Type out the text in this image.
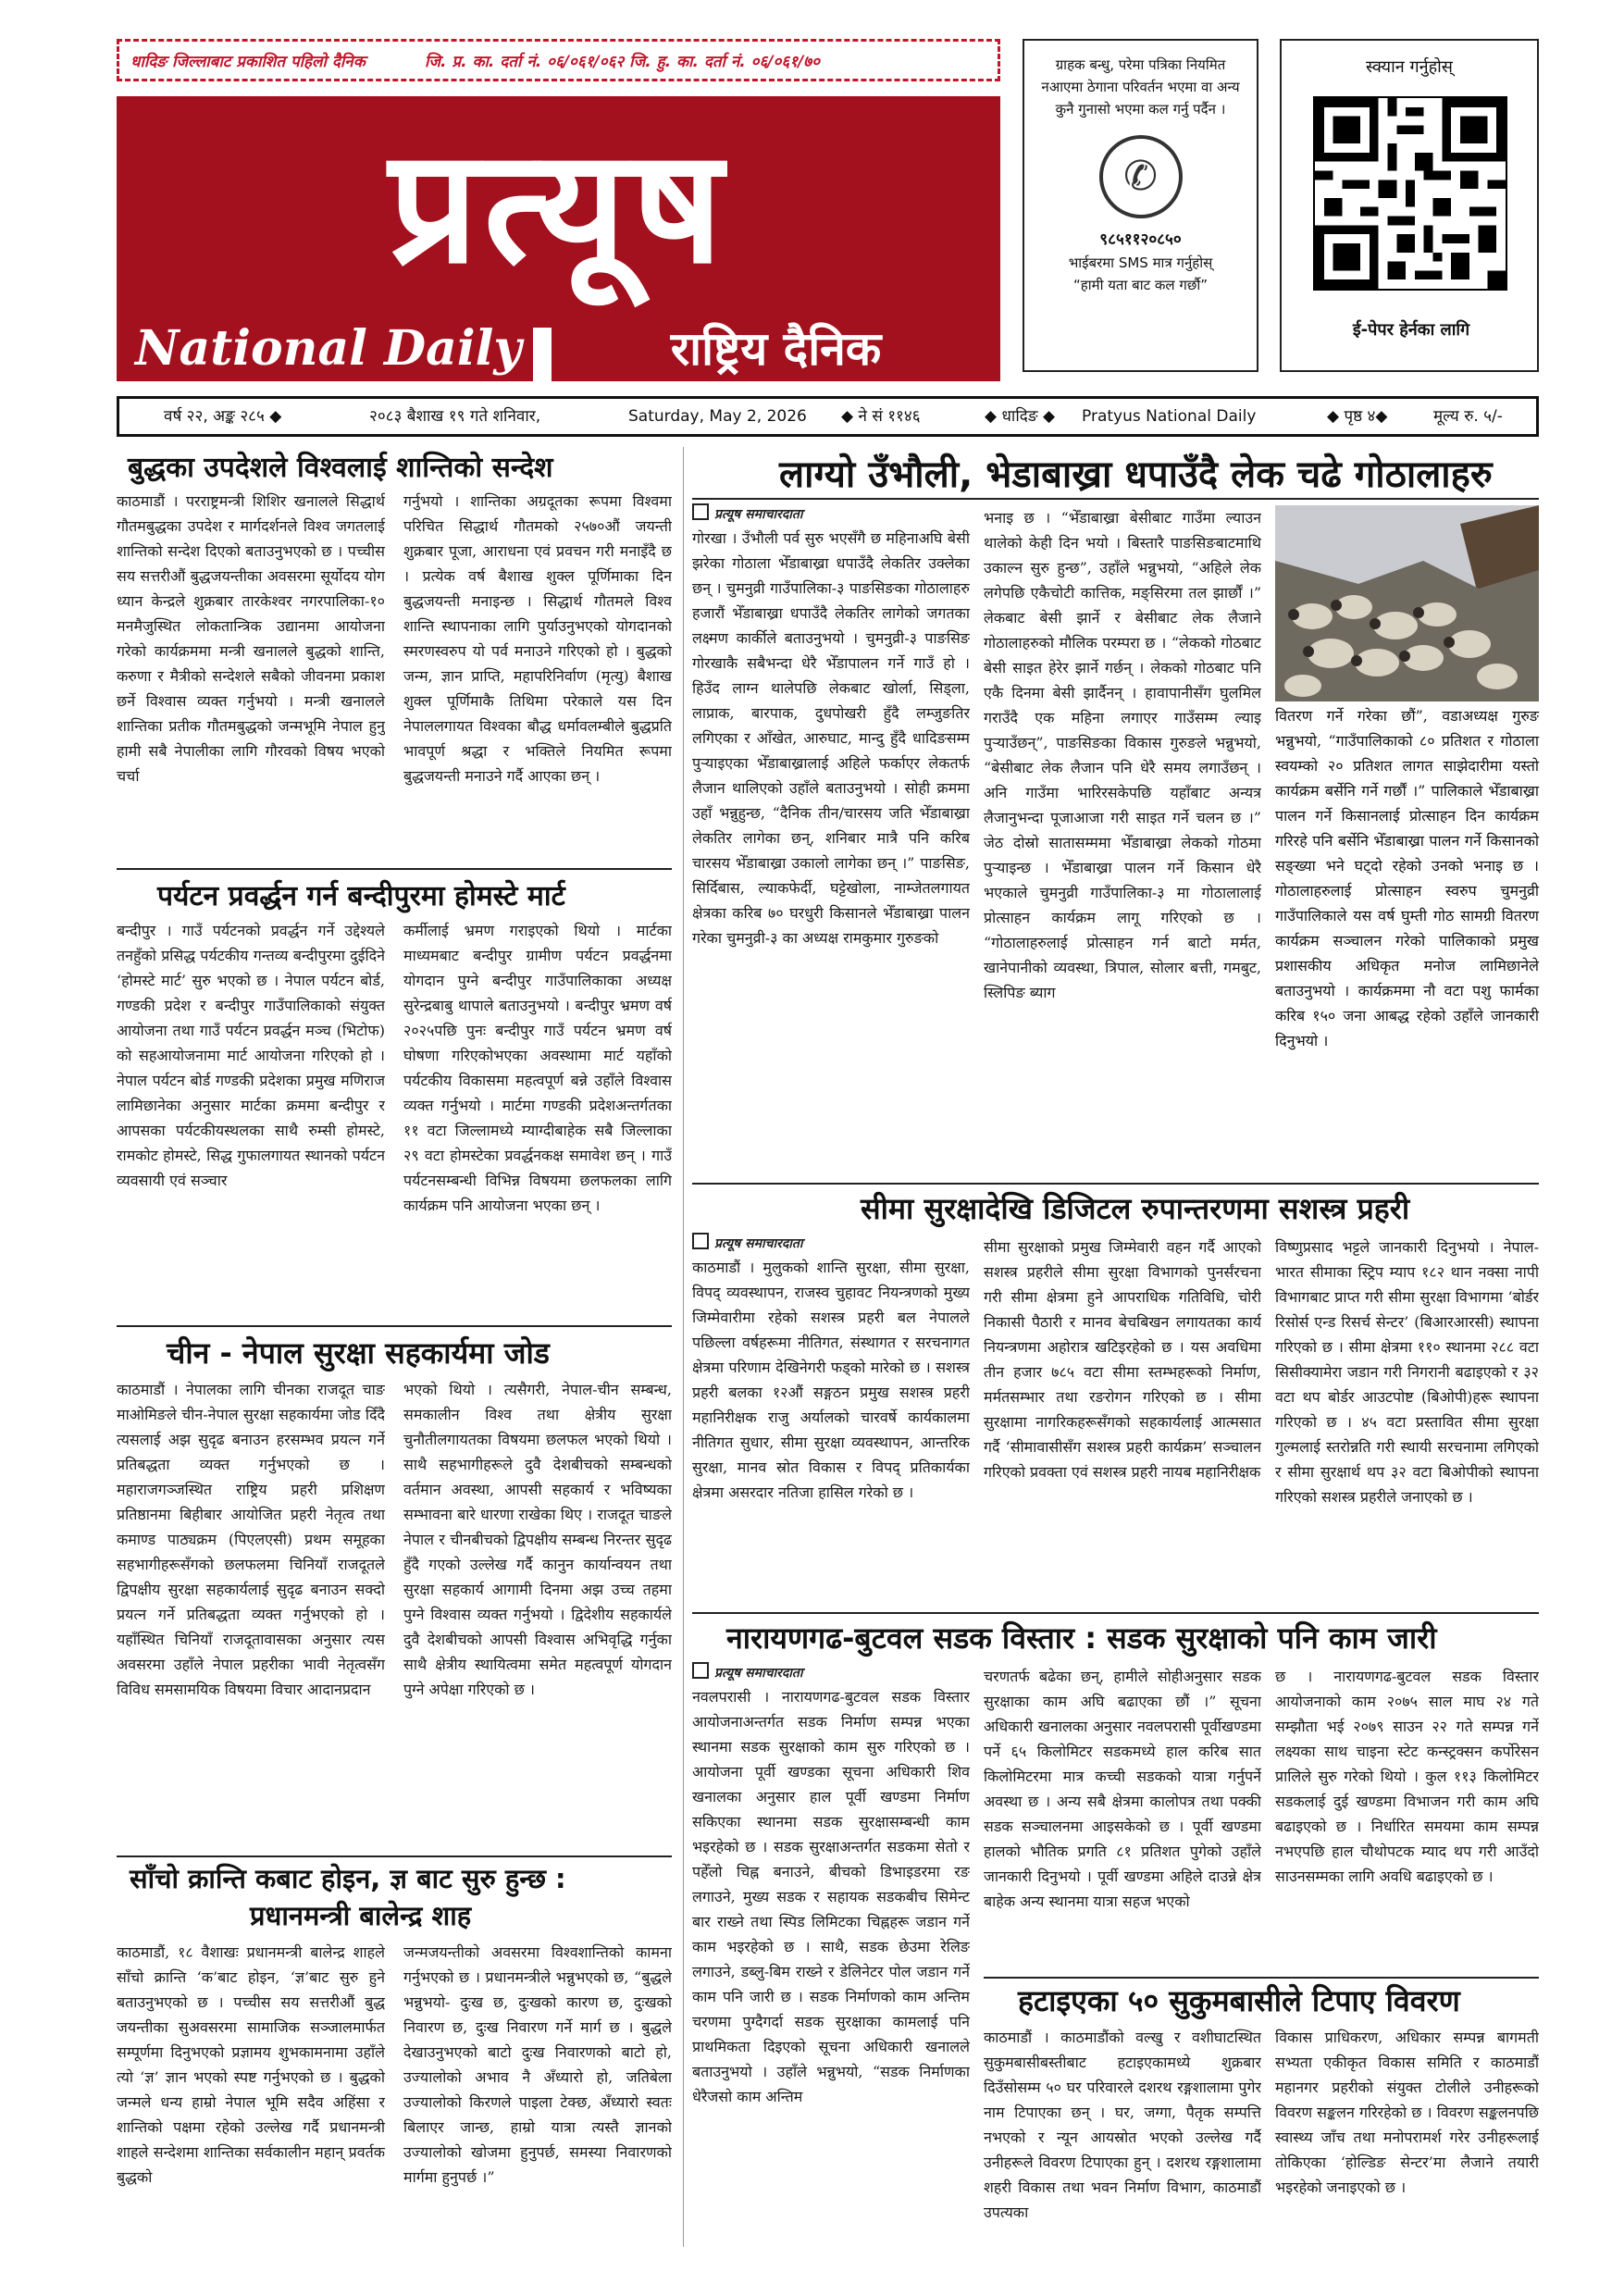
धादिङ जिल्लाबाट प्रकाशित पहिलो दैनिक	जि. प्र. का. दर्ता नं. ०६/०६१/०६२ जि. हु. का. दर्ता नं. ०६/०६१/७०
प्रत्यूष
National Daily	राष्ट्रिय दैनिक
ग्राहक बन्धु, परेमा पत्रिका नियमित नआएमा ठेगाना परिवर्तन भएमा वा अन्य कुनै गुनासो भएमा कल गर्नु पर्दैन ।
✆
९८५११२०८५०
भाईबरमा SMS मात्र गर्नुहोस्
“हामी यता बाट कल गर्छौ”
स्क्यान गर्नुहोस्
ई-पेपर हेर्नका लागि
वर्ष २२, अङ्क २८५ ◆	२०८३ बैशाख १९ गते शनिवार,	Saturday, May 2, 2026 ◆ ने सं ११४६	◆ धादिङ ◆ Pratyus National Daily	◆ पृष्ठ ४◆	मूल्य रु. ५/-
बुद्धका उपदेशले विश्वलाई शान्तिको सन्देश

काठमाडौं । परराष्ट्रमन्त्री शिशिर खनालले सिद्धार्थ गौतमबुद्धका उपदेश र मार्गदर्शनले विश्व जगतलाई शान्तिको सन्देश दिएको बताउनुभएको छ । पच्चीस सय सत्तरीऔं बुद्धजयन्तीका अवसरमा सूर्योदय योग ध्यान केन्द्रले शुक्रबार तारकेश्वर नगरपालिका-१० मनमैजुस्थित लोकतान्त्रिक उद्यानमा आयोजना गरेको कार्यक्रममा मन्त्री खनालले बुद्धको शान्ति, करुणा र मैत्रीको सन्देशले सबैको जीवनमा प्रकाश छर्ने विश्वास व्यक्त गर्नुभयो । मन्त्री खनालले शान्तिका प्रतीक गौतमबुद्धको जन्मभूमि नेपाल हुनु हामी सबै नेपालीका लागि गौरवको विषय भएको चर्चा

गर्नुभयो । शान्तिका अग्रदूतका रूपमा विश्वमा परिचित सिद्धार्थ गौतमको २५७०औं जयन्ती शुक्रबार पूजा, आराधना एवं प्रवचन गरी मनाइँदै छ । प्रत्येक वर्ष बैशाख शुक्ल पूर्णिमाका दिन बुद्धजयन्ती मनाइन्छ । सिद्धार्थ गौतमले विश्व शान्ति स्थापनाका लागि पुर्याउनुभएको योगदानको स्मरणस्वरुप यो पर्व मनाउने गरिएको हो । बुद्धको जन्म, ज्ञान प्राप्ति, महापरिनिर्वाण (मृत्यु) बैशाख शुक्ल पूर्णिमाकै तिथिमा परेकाले यस दिन नेपाललगायत विश्वका बौद्ध धर्मावलम्बीले बुद्धप्रति भावपूर्ण श्रद्धा र भक्तिले नियमित रूपमा बुद्धजयन्ती मनाउने गर्दै आएका छन् ।

पर्यटन प्रवर्द्धन गर्न बन्दीपुरमा होमस्टे मार्ट

बन्दीपुर । गाउँ पर्यटनको प्रवर्द्धन गर्ने उद्देश्यले तनहुँको प्रसिद्ध पर्यटकीय गन्तव्य बन्दीपुरमा दुईदिने ‘होमस्टे मार्ट’ सुरु भएको छ । नेपाल पर्यटन बोर्ड, गण्डकी प्रदेश र बन्दीपुर गाउँपालिकाको संयुक्त आयोजना तथा गाउँ पर्यटन प्रवर्द्धन मञ्च (भिटोफ) को सहआयोजनामा मार्ट आयोजना गरिएको हो । नेपाल पर्यटन बोर्ड गण्डकी प्रदेशका प्रमुख मणिराज लामिछानेका अनुसार मार्टका क्रममा बन्दीपुर र आपसका पर्यटकीयस्थलका साथै रुम्सी होमस्टे, रामकोट होमस्टे, सिद्ध गुफालगायत स्थानको पर्यटन व्यवसायी एवं सञ्चार

कर्मीलाई भ्रमण गराइएको थियो । मार्टका माध्यमबाट बन्दीपुर ग्रामीण पर्यटन प्रवर्द्धनमा योगदान पुग्ने बन्दीपुर गाउँपालिकाका अध्यक्ष सुरेन्द्रबाबु थापाले बताउनुभयो । बन्दीपुर भ्रमण वर्ष २०२५पछि पुनः बन्दीपुर गाउँ पर्यटन भ्रमण वर्ष घोषणा गरिएकोभएका अवस्थामा मार्ट यहाँको पर्यटकीय विकासमा महत्वपूर्ण बन्ने उहाँले विश्वास व्यक्त गर्नुभयो । मार्टमा गण्डकी प्रदेशअन्तर्गतका ११ वटा जिल्लामध्ये म्याग्दीबाहेक सबै जिल्लाका २९ वटा होमस्टेका प्रवर्द्धनकक्ष समावेश छन् । गाउँ पर्यटनसम्बन्धी विभिन्न विषयमा छलफलका लागि कार्यक्रम पनि आयोजना भएका छन् ।

चीन - नेपाल सुरक्षा सहकार्यमा जोड

काठमाडौं । नेपालका लागि चीनका राजदूत चाङ माओमिङले चीन-नेपाल सुरक्षा सहकार्यमा जोड दिँदै त्यसलाई अझ सुदृढ बनाउन हरसम्भव प्रयत्न गर्ने प्रतिबद्धता व्यक्त गर्नुभएको छ । महाराजगञ्जस्थित राष्ट्रिय प्रहरी प्रशिक्षण प्रतिष्ठानमा बिहीबार आयोजित प्रहरी नेतृत्व तथा कमाण्ड पाठ्यक्रम (पिएलएसी) प्रथम समूहका सहभागीहरूसँगको छलफलमा चिनियाँ राजदूतले द्विपक्षीय सुरक्षा सहकार्यलाई सुदृढ बनाउन सक्दो प्रयत्न गर्ने प्रतिबद्धता व्यक्त गर्नुभएको हो । यहाँस्थित चिनियाँ राजदूतावासका अनुसार त्यस अवसरमा उहाँले नेपाल प्रहरीका भावी नेतृत्वसँग विविध समसामयिक विषयमा विचार आदानप्रदान

भएको थियो । त्यसैगरी, नेपाल-चीन सम्बन्ध, समकालीन विश्व तथा क्षेत्रीय सुरक्षा चुनौतीलगायतका विषयमा छलफल भएको थियो । साथै सहभागीहरूले दुवै देशबीचको सम्बन्धको वर्तमान अवस्था, आपसी सहकार्य र भविष्यका सम्भावना बारे धारणा राखेका थिए । राजदूत चाङले नेपाल र चीनबीचको द्विपक्षीय सम्बन्ध निरन्तर सुदृढ हुँदै गएको उल्लेख गर्दै कानुन कार्यान्वयन तथा सुरक्षा सहकार्य आगामी दिनमा अझ उच्च तहमा पुग्ने विश्वास व्यक्त गर्नुभयो । द्विदेशीय सहकार्यले दुवै देशबीचको आपसी विश्वास अभिवृद्धि गर्नुका साथै क्षेत्रीय स्थायित्वमा समेत महत्वपूर्ण योगदान पुग्ने अपेक्षा गरिएको छ ।

साँचो क्रान्ति कबाट होइन, ज्ञ बाट सुरु हुन्छ :
प्रधानमन्त्री बालेन्द्र शाह

काठमाडौं, १८ वैशाखः प्रधानमन्त्री बालेन्द्र शाहले साँचो क्रान्ति ‘क’बाट होइन, ‘ज्ञ’बाट सुरु हुने बताउनुभएको छ । पच्चीस सय सत्तरीऔं बुद्ध जयन्तीका सुअवसरमा सामाजिक सञ्जालमार्फत सम्पूर्णमा दिनुभएको प्रज्ञामय शुभकामनामा उहाँले त्यो ‘ज्ञ’ ज्ञान भएको स्पष्ट गर्नुभएको छ । बुद्धको जन्मले धन्य हाम्रो नेपाल भूमि सदैव अहिंसा र शान्तिको पक्षमा रहेको उल्लेख गर्दै प्रधानमन्त्री शाहले सन्देशमा शान्तिका सर्वकालीन महान् प्रवर्तक बुद्धको

जन्मजयन्तीको अवसरमा विश्वशान्तिको कामना गर्नुभएको छ । प्रधानमन्त्रीले भन्नुभएको छ, “बुद्धले भन्नुभयो- दुःख छ, दुःखको कारण छ, दुःखको निवारण छ, दुःख निवारण गर्ने मार्ग छ । बुद्धले देखाउनुभएको बाटो दुःख निवारणको बाटो हो, उज्यालोको अभाव नै अँध्यारो हो, जतिबेला उज्यालोको किरणले पाइला टेक्छ, अँध्यारो स्वतः बिलाएर जान्छ, हाम्रो यात्रा त्यस्तै ज्ञानको उज्यालोको खोजमा हुनुपर्छ, समस्या निवारणको मार्गमा हुनुपर्छ ।”

लाग्यो उँभौली, भेडाबाख्रा धपाउँदै लेक चढे गोठालाहरु
प्रत्यूष समाचारदाता

गोरखा । उँभौली पर्व सुरु भएसँगै छ महिनाअघि बेसी झरेका गोठाला भेँडाबाख्रा धपाउँदै लेकतिर उक्लेका छन् । चुमनुव्री गाउँपालिका-३ पाङसिङका गोठालाहरु हजारौं भेँडाबाख्रा धपाउँदै लेकतिर लागेको जगतका लक्ष्मण कार्कीले बताउनुभयो । चुमनुव्री-३ पाङसिङ गोरखाकै सबैभन्दा धेरै भेँडापालन गर्ने गाउँ हो । हिउँद लाग्न थालेपछि लेकबाट खोर्ला, सिड्ला, लाप्राक, बारपाक, दुधपोखरी हुँदै लम्जुङतिर लगिएका र आँखेत, आरुघाट, मान्दु हुँदै धादिङसम्म पुऱ्याइएका भेँडाबाख्रालाई अहिले फर्काएर लेकतर्फ लैजान थालिएको उहाँले बताउनुभयो । सोही क्रममा उहाँ भन्नुहुन्छ, “दैनिक तीन/चारसय जति भेँडाबाख्रा लेकतिर लागेका छन्, शनिबार मात्रै पनि करिब चारसय भेँडाबाख्रा उकालो लागेका छन् ।” पाङसिङ, सिर्दिबास, ल्याकफेर्दी, घट्टेखोला, नाम्जेतलगायत क्षेत्रका करिब ७० घरधुरी किसानले भेँडाबाख्रा पालन गरेका चुमनुव्री-३ का अध्यक्ष रामकुमार गुरुङको

भनाइ छ । “भेँडाबाख्रा बेसीबाट गाउँमा ल्याउन थालेको केही दिन भयो । बिस्तारै पाङसिङबाटमाथि उकाल्न सुरु हुन्छ”, उहाँले भन्नुभयो, “अहिले लेक लगेपछि एकैचोटी कात्तिक, मङ्सिरमा तल झार्छौं ।” लेकबाट बेसी झार्ने र बेसीबाट लेक लैजाने गोठालाहरुको मौलिक परम्परा छ । “लेकको गोठबाट बेसी साइत हेरेर झार्ने गर्छन् । लेकको गोठबाट पनि एकै दिनमा बेसी झार्दैनन् । हावापानीसँग घुलमिल गराउँदै एक महिना लगाएर गाउँसम्म ल्याइ पुऱ्याउँछन्”, पाङसिङका विकास गुरुङले भन्नुभयो, “बेसीबाट लेक लैजान पनि धेरै समय लगाउँछन् । अनि गाउँमा भारिरसकेपछि यहाँबाट अन्यत्र लैजानुभन्दा पूजाआजा गरी साइत गर्ने चलन छ ।” जेठ दोस्रो सातासम्ममा भेँडाबाख्रा लेकको गोठमा पुऱ्याइन्छ । भेँडाबाख्रा पालन गर्ने किसान धेरै भएकाले चुमनुव्री गाउँपालिका-३ मा गोठालालाई प्रोत्साहन कार्यक्रम लागू गरिएको छ । “गोठालाहरुलाई प्रोत्साहन गर्न बाटो मर्मत, खानेपानीको व्यवस्था, त्रिपाल, सोलार बत्ती, गमबुट, स्लिपिङ ब्याग

वितरण गर्ने गरेका छौं”, वडाअध्यक्ष गुरुङ भन्नुभयो, “गाउँपालिकाको ८० प्रतिशत र गोठाला स्वयम्को २० प्रतिशत लागत साझेदारीमा यस्तो कार्यक्रम बर्सेनि गर्ने गर्छौं ।” पालिकाले भेँडाबाख्रा पालन गर्ने किसानलाई प्रोत्साहन दिन कार्यक्रम गरिरहे पनि बर्सेनि भेँडाबाख्रा पालन गर्ने किसानको सङ्ख्या भने घट्दो रहेको उनको भनाइ छ । गोठालाहरुलाई प्रोत्साहन स्वरुप चुमनुव्री गाउँपालिकाले यस वर्ष घुम्ती गोठ सामग्री वितरण कार्यक्रम सञ्चालन गरेको पालिकाको प्रमुख प्रशासकीय अधिकृत मनोज लामिछानेले बताउनुभयो । कार्यक्रममा नौ वटा पशु फार्मका करिब १५० जना आबद्ध रहेको उहाँले जानकारी दिनुभयो ।
सीमा सुरक्षादेखि डिजिटल रुपान्तरणमा सशस्त्र प्रहरी
प्रत्यूष समाचारदाता

काठमाडौं । मुलुकको शान्ति सुरक्षा, सीमा सुरक्षा, विपद् व्यवस्थापन, राजस्व चुहावट नियन्त्रणको मुख्य जिम्मेवारीमा रहेको सशस्त्र प्रहरी बल नेपालले पछिल्ला वर्षहरूमा नीतिगत, संस्थागत र सरचनागत क्षेत्रमा परिणाम देखिनेगरी फड्को मारेको छ । सशस्त्र प्रहरी बलका १२औं सङ्गठन प्रमुख सशस्त्र प्रहरी महानिरीक्षक राजु अर्यालको चारवर्षे कार्यकालमा नीतिगत सुधार, सीमा सुरक्षा व्यवस्थापन, आन्तरिक सुरक्षा, मानव स्रोत विकास र विपद् प्रतिकार्यका क्षेत्रमा असरदार नतिजा हासिल गरेको छ ।

सीमा सुरक्षाको प्रमुख जिम्मेवारी वहन गर्दै आएको सशस्त्र प्रहरीले सीमा सुरक्षा विभागको पुनर्संरचना गरी सीमा क्षेत्रमा हुने आपराधिक गतिविधि, चोरी निकासी पैठारी र मानव बेचबिखन लगायतका कार्य नियन्त्रणमा अहोरात्र खटिइरहेको छ । यस अवधिमा तीन हजार ७८५ वटा सीमा स्तम्भहरूको निर्माण, मर्मतसम्भार तथा रङरोगन गरिएको छ । सीमा सुरक्षामा नागरिकहरूसँगको सहकार्यलाई आत्मसात गर्दै ‘सीमावासीसँग सशस्त्र प्रहरी कार्यक्रम’ सञ्चालन गरिएको प्रवक्ता एवं सशस्त्र प्रहरी नायब महानिरीक्षक

विष्णुप्रसाद भट्टले जानकारी दिनुभयो । नेपाल-भारत सीमाका स्ट्रिप म्याप १८२ थान नक्सा नापी विभागबाट प्राप्त गरी सीमा सुरक्षा विभागमा ‘बोर्डर रिसोर्स एन्ड रिसर्च सेन्टर’ (बिआरआरसी) स्थापना गरिएको छ । सीमा क्षेत्रमा ११० स्थानमा २८८ वटा सिसीक्यामेरा जडान गरी निगरानी बढाइएको र ३२ वटा थप बोर्डर आउटपोष्ट (बिओपी)हरू स्थापना गरिएको छ । ४५ वटा प्रस्तावित सीमा सुरक्षा गुल्मलाई स्तरोन्नति गरी स्थायी सरचनामा लगिएको र सीमा सुरक्षार्थ थप ३२ वटा बिओपीको स्थापना गरिएको सशस्त्र प्रहरीले जनाएको छ ।

नारायणगढ-बुटवल सडक विस्तार : सडक सुरक्षाको पनि काम जारी
प्रत्यूष समाचारदाता

नवलपरासी । नारायणगढ-बुटवल सडक विस्तार आयोजनाअन्तर्गत सडक निर्माण सम्पन्न भएका स्थानमा सडक सुरक्षाको काम सुरु गरिएको छ । आयोजना पूर्वी खण्डका सूचना अधिकारी शिव खनालका अनुसार हाल पूर्वी खण्डमा निर्माण सकिएका स्थानमा सडक सुरक्षासम्बन्धी काम भइरहेको छ । सडक सुरक्षाअन्तर्गत सडकमा सेतो र पहेँलो चिह्न बनाउने, बीचको डिभाइडरमा रङ लगाउने, मुख्य सडक र सहायक सडकबीच सिमेन्ट बार राख्ने तथा स्पिड लिमिटका चिह्नहरू जडान गर्ने काम भइरहेको छ । साथै, सडक छेउमा रेलिङ लगाउने, डब्लु-बिम राख्ने र डेलिनेटर पोल जडान गर्ने काम पनि जारी छ । सडक निर्माणको काम अन्तिम चरणमा पुग्दैगर्दा सडक सुरक्षाका कामलाई पनि प्राथमिकता दिइएको सूचना अधिकारी खनालले बताउनुभयो । उहाँले भन्नुभयो, “सडक निर्माणका धेरैजसो काम अन्तिम

चरणतर्फ बढेका छन्, हामीले सोहीअनुसार सडक सुरक्षाका काम अघि बढाएका छौं ।” सूचना अधिकारी खनालका अनुसार नवलपरासी पूर्वीखण्डमा पर्ने ६५ किलोमिटर सडकमध्ये हाल करिब सात किलोमिटरमा मात्र कच्ची सडकको यात्रा गर्नुपर्ने अवस्था छ । अन्य सबै क्षेत्रमा कालोपत्र तथा पक्की सडक सञ्चालनमा आइसकेको छ । पूर्वी खण्डमा हालको भौतिक प्रगति ८१ प्रतिशत पुगेको उहाँले जानकारी दिनुभयो । पूर्वी खण्डमा अहिले दाउन्ने क्षेत्र बाहेक अन्य स्थानमा यात्रा सहज भएको

छ । नारायणगढ-बुटवल सडक विस्तार आयोजनाको काम २०७५ साल माघ २४ गते सम्झौता भई २०७९ साउन २२ गते सम्पन्न गर्ने लक्ष्यका साथ चाइना स्टेट कन्स्ट्रक्सन कर्पोरेसन प्रालिले सुरु गरेको थियो । कुल ११३ किलोमिटर सडकलाई दुई खण्डमा विभाजन गरी काम अघि बढाइएको छ । निर्धारित समयमा काम सम्पन्न नभएपछि हाल चौथोपटक म्याद थप गरी आउँदो साउनसम्मका लागि अवधि बढाइएको छ ।

हटाइएका ५० सुकुमबासीले टिपाए विवरण

काठमाडौं । काठमाडौंको वल्खु र वशीघाटस्थित सुकुमबासीबस्तीबाट हटाइएकामध्ये शुक्रबार दिउँसोसम्म ५० घर परिवारले दशरथ रङ्गशालामा पुगेर नाम टिपाएका छन् । घर, जग्गा, पैतृक सम्पत्ति नभएको र न्यून आयस्रोत भएको उल्लेख गर्दै उनीहरूले विवरण टिपाएका हुन् । दशरथ रङ्गशालामा शहरी विकास तथा भवन निर्माण विभाग, काठमाडौं उपत्यका

विकास प्राधिकरण, अधिकार सम्पन्न बागमती सभ्यता एकीकृत विकास समिति र काठमाडौं महानगर प्रहरीको संयुक्त टोलीले उनीहरूको विवरण सङ्कलन गरिरहेको छ । विवरण सङ्कलनपछि स्वास्थ्य जाँच तथा मनोपरामर्श गरेर उनीहरूलाई तोकिएका ‘होल्डिङ सेन्टर’मा लैजाने तयारी भइरहेको जनाइएको छ ।
